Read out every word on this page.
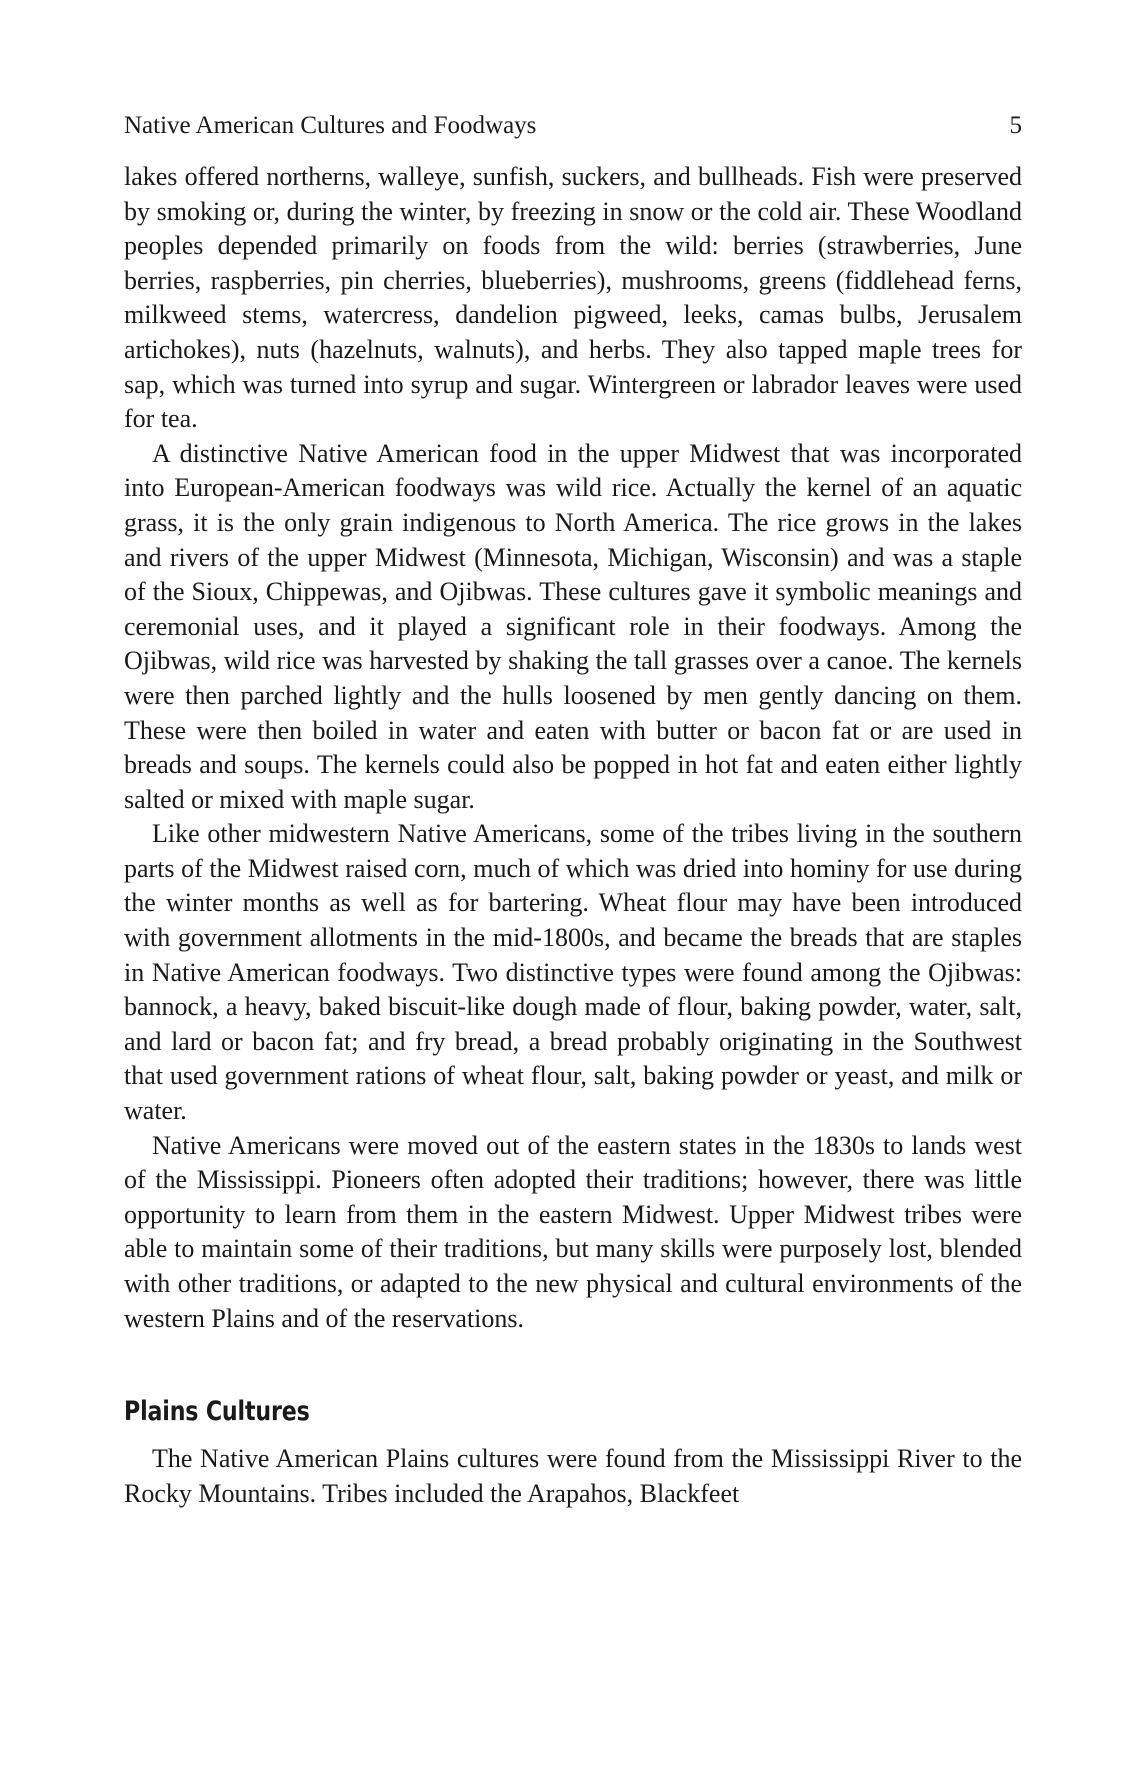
Native American Cultures and Foodways	5

lakes offered northerns, walleye, sunfish, suckers, and bullheads. Fish were preserved by smoking or, during the winter, by freezing in snow or the cold air. These Woodland peoples depended primarily on foods from the wild: berries (strawberries, June berries, raspberries, pin cherries, blueberries), mushrooms, greens (fiddlehead ferns, milkweed stems, watercress, dandelion pigweed, leeks, camas bulbs, Jerusalem artichokes), nuts (hazelnuts, walnuts), and herbs. They also tapped maple trees for sap, which was turned into syrup and sugar. Wintergreen or labrador leaves were used for tea.

A distinctive Native American food in the upper Midwest that was incorporated into European-American foodways was wild rice. Actually the kernel of an aquatic grass, it is the only grain indigenous to North America. The rice grows in the lakes and rivers of the upper Midwest (Minnesota, Michigan, Wisconsin) and was a staple of the Sioux, Chippewas, and Ojibwas. These cultures gave it symbolic meanings and ceremonial uses, and it played a significant role in their foodways. Among the Ojibwas, wild rice was harvested by shaking the tall grasses over a canoe. The kernels were then parched lightly and the hulls loosened by men gently dancing on them. These were then boiled in water and eaten with butter or bacon fat or are used in breads and soups. The kernels could also be popped in hot fat and eaten either lightly salted or mixed with maple sugar.

Like other midwestern Native Americans, some of the tribes living in the southern parts of the Midwest raised corn, much of which was dried into hominy for use during the winter months as well as for bartering. Wheat flour may have been introduced with government allotments in the mid-1800s, and became the breads that are staples in Native American foodways. Two distinctive types were found among the Ojibwas: bannock, a heavy, baked biscuit-like dough made of flour, baking powder, water, salt, and lard or bacon fat; and fry bread, a bread probably originating in the Southwest that used government rations of wheat flour, salt, baking powder or yeast, and milk or water.

Native Americans were moved out of the eastern states in the 1830s to lands west of the Mississippi. Pioneers often adopted their traditions; however, there was little opportunity to learn from them in the eastern Midwest. Upper Midwest tribes were able to maintain some of their traditions, but many skills were purposely lost, blended with other traditions, or adapted to the new physical and cultural environments of the western Plains and of the reservations.

Plains Cultures

The Native American Plains cultures were found from the Mississippi River to the Rocky Mountains. Tribes included the Arapahos, Blackfeet
